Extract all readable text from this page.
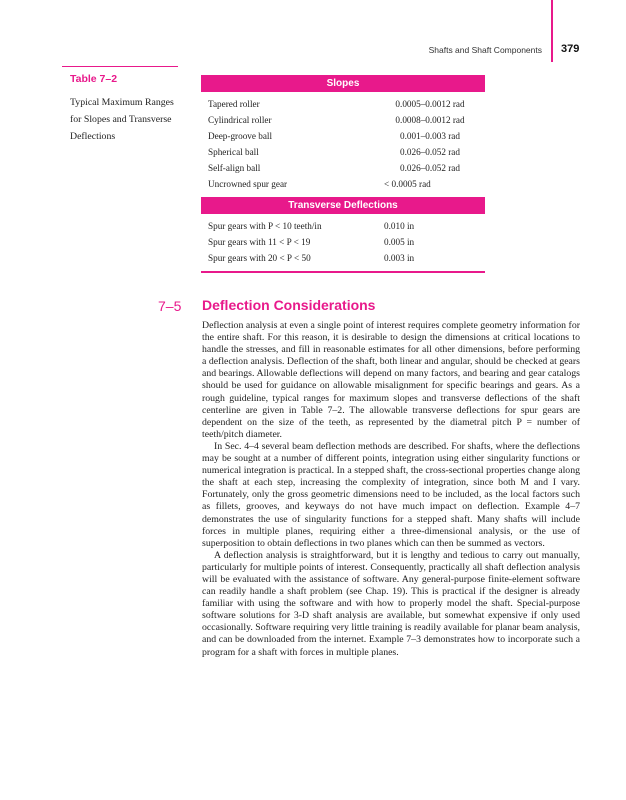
Shafts and Shaft Components 379
Table 7–2
Typical Maximum Ranges for Slopes and Transverse Deflections
Slopes
Tapered roller	0.0005–0.0012 rad
Cylindrical roller	0.0008–0.0012 rad
Deep-groove ball	0.001–0.003 rad
Spherical ball	0.026–0.052 rad
Self-align ball	0.026–0.052 rad
Uncrowned spur gear	< 0.0005 rad
Transverse Deflections
Spur gears with P < 10 teeth/in	0.010 in
Spur gears with 11 < P < 19	0.005 in
Spur gears with 20 < P < 50	0.003 in
7–5 Deflection Considerations

Deflection analysis at even a single point of interest requires complete geometry information for the entire shaft. For this reason, it is desirable to design the dimensions at critical locations to handle the stresses, and fill in reasonable estimates for all other dimensions, before performing a deflection analysis. Deflection of the shaft, both linear and angular, should be checked at gears and bearings. Allowable deflections will depend on many factors, and bearing and gear catalogs should be used for guidance on allowable misalignment for specific bearings and gears. As a rough guideline, typical ranges for maximum slopes and transverse deflections of the shaft centerline are given in Table 7–2. The allowable transverse deflections for spur gears are dependent on the size of the teeth, as represented by the diametral pitch P = number of teeth/pitch diameter.

In Sec. 4–4 several beam deflection methods are described. For shafts, where the deflections may be sought at a number of different points, integration using either singularity functions or numerical integration is practical. In a stepped shaft, the cross-sectional properties change along the shaft at each step, increasing the complexity of integration, since both M and I vary. Fortunately, only the gross geometric dimensions need to be included, as the local factors such as fillets, grooves, and keyways do not have much impact on deflection. Example 4–7 demonstrates the use of singularity functions for a stepped shaft. Many shafts will include forces in multiple planes, requiring either a three-dimensional analysis, or the use of superposition to obtain deflections in two planes which can then be summed as vectors.

A deflection analysis is straightforward, but it is lengthy and tedious to carry out manually, particularly for multiple points of interest. Consequently, practically all shaft deflection analysis will be evaluated with the assistance of software. Any general-purpose finite-element software can readily handle a shaft problem (see Chap. 19). This is practical if the designer is already familiar with using the software and with how to properly model the shaft. Special-purpose software solutions for 3-D shaft analysis are available, but somewhat expensive if only used occasionally. Software requiring very little training is readily available for planar beam analysis, and can be downloaded from the internet. Example 7–3 demonstrates how to incorporate such a program for a shaft with forces in multiple planes.
